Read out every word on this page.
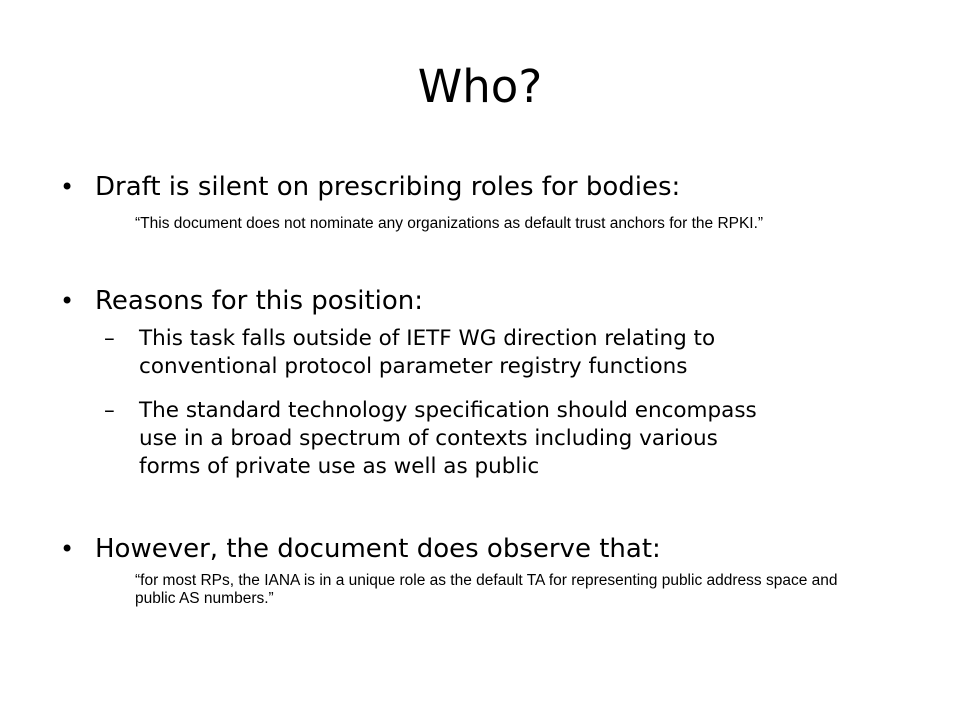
Who?
• Draft is silent on prescribing roles for bodies:
“This document does not nominate any organizations as default trust anchors for the RPKI.”
• Reasons for this position:
– This task falls outside of IETF WG direction relating to
conventional protocol parameter registry functions
– The standard technology specification should encompass
use in a broad spectrum of contexts including various
forms of private use as well as public
• However, the document does observe that:
“for most RPs, the IANA is in a unique role as the default TA for representing public address space and public AS numbers.”
